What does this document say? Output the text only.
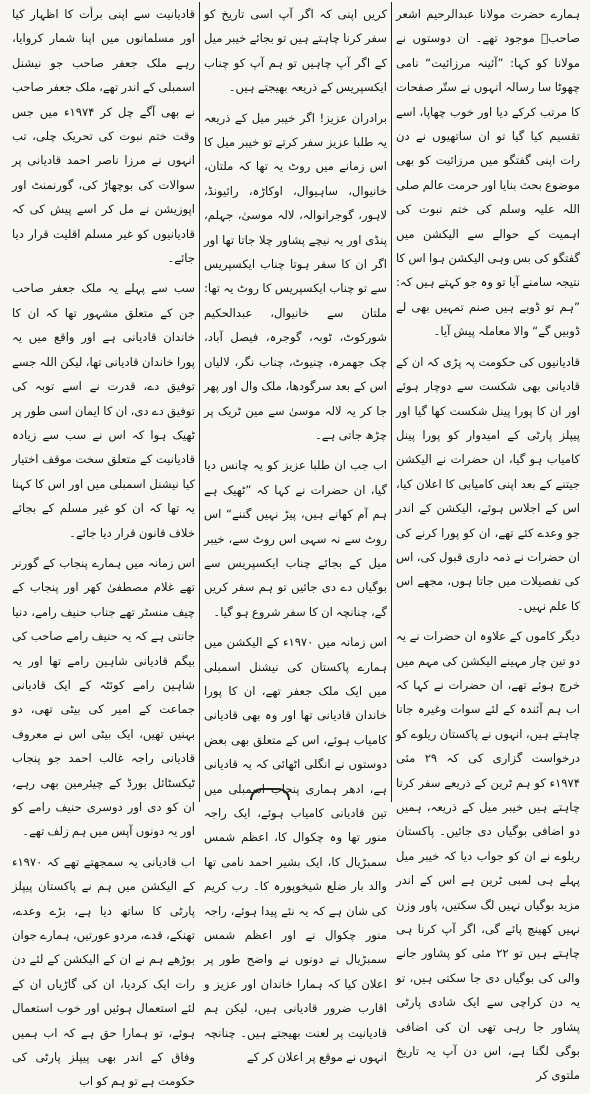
ہمارے حضرت مولانا عبدالرحیم اشعر صاحبؒ موجود تھے۔ ان دوستوں نے مولانا کو کہا: ”آئینہ مرزائیت“ نامی چھوٹا سا رسالہ انہوں نے ستّر صفحات کا مرتب کرکے دیا اور خوب چھاپا، اسے تقسیم کیا گیا تو ان ساتھیوں نے دن رات اپنی گفتگو میں مرزائیت کو بھی موضوع بحث بنایا اور حرمت عالم صلی اللہ علیہ وسلم کی ختم نبوت کی اہمیت کے حوالے سے الیکشن میں گفتگو کی بس وہی الیکشن ہوا اس کا نتیجہ سامنے آیا تو وہ جو کہتے ہیں کہ: ”ہم تو ڈوبے ہیں صنم تمہیں بھی لے ڈوبیں گے“ والا معاملہ پیش آیا۔

قادیانیوں کی حکومت پہ پڑی کہ ان کے قادیانی بھی شکست سے دوچار ہوئے اور ان کا پورا پینل شکست کھا گیا اور پیپلز پارٹی کے امیدوار کو پورا پینل کامیاب ہو گیا، ان حضرات نے الیکشن جیتنے کے بعد اپنی کامیابی کا اعلان کیا، اس کے اجلاس ہوئے، الیکشن کے اندر جو وعدے کئے تھے، ان کو پورا کرنے کی ان حضرات نے ذمہ داری قبول کی، اس کی تفصیلات میں جاتا ہوں، مجھے اس کا علم نہیں۔

دیگر کاموں کے علاوہ ان حضرات نے یہ دو تین چار مہینے الیکشن کی مہم میں خرچ ہوئے تھے، ان حضرات نے کہا کہ اب ہم آئندہ کے لئے سوات وغیرہ جانا چاہتے ہیں، انہوں نے پاکستان ریلوے کو درخواست گزاری کی کہ ۲۹ مئی ۱۹۷۴ء کو ہم ٹرین کے ذریعے سفر کرنا چاہتے ہیں خیبر میل کے ذریعہ، ہمیں دو اضافی بوگیاں دی جائیں۔ پاکستان ریلوے نے ان کو جواب دیا کہ خیبر میل پہلے ہی لمبی ٹرین ہے اس کے اندر مزید بوگیاں نہیں لگ سکتیں، پاور وزن نہیں کھینچ پائے گی، اگر آپ کرنا ہی چاہتے ہیں تو ۲۲ مئی کو پشاور جانے والی کی بوگیاں دی جا سکتی ہیں، تو یہ دن کراچی سے ایک شادی پارٹی پشاور جا رہی تھی ان کی اضافی بوگی لگنا ہے، اس دن آپ یہ تاریخ ملتوی کر

کریں اپنی کہ اگر آپ اسی تاریخ کو سفر کرنا چاہتے ہیں تو بجائے خیبر میل کے اگر آپ چاہیں تو ہم آپ کو چناب ایکسپریس کے ذریعہ بھیجتے ہیں۔

برادران عزیز! اگر خیبر میل کے ذریعہ یہ طلبا عزیز سفر کرتے تو خیبر میل کا اس زمانے میں روٹ یہ تھا کہ ملتان، خانیوال، ساہیوال، اوکاڑہ، رائیونڈ، لاہور، گوجرانوالہ، لالہ موسیٰ، جہلم، پنڈی اور یہ نیچے پشاور چلا جاتا تھا اور اگر ان کا سفر ہوتا چناب ایکسپریس سے تو چناب ایکسپریس کا روٹ یہ تھا: ملتان سے خانیوال، عبدالحکیم شورکوٹ، ٹوبہ، گوجرہ، فیصل آباد، چک جھمرہ، چنیوٹ، چناب نگر، لالیاں اس کے بعد سرگودھا، ملک وال اور پھر جا کر یہ لالہ موسیٰ سے مین ٹریک پر چڑھ جاتی ہے۔

اب جب ان طلبا عزیز کو یہ چانس دیا گیا، ان حضرات نے کہا کہ ”ٹھیک ہے ہم آم کھانے ہیں، پیڑ نہیں گننے“ اس روٹ سے نہ سہی اس روٹ سے، خیبر میل کے بجائے چناب ایکسپریس سے بوگیاں دے دی جائیں تو ہم سفر کریں گے، چنانچہ ان کا سفر شروع ہو گیا۔

اس زمانہ میں ۱۹۷۰ء کے الیکشن میں ہمارے پاکستان کی نیشنل اسمبلی میں ایک ملک جعفر تھے، ان کا پورا خاندان قادیانی تھا اور وہ بھی قادیانی کامیاب ہوئے، اس کے متعلق بھی بعض دوستوں نے انگلی اٹھائی کہ یہ قادیانی ہے، ادھر ہماری پنجاب اسمبلی میں تین قادیانی کامیاب ہوئے، ایک راجہ منور تھا وہ چکوال کا، اعظم شمس سمبڑیال کا، ایک بشیر احمد نامی تھا والد بار ضلع شیخوپورہ کا۔ رب کریم کی شان ہے کہ یہ نئے پیدا ہوئے، راجہ منور چکوال نے اور اعظم شمس سمبڑیال نے دونوں نے واضح طور پر اعلان کیا کہ ہمارا خاندان اور عزیز و اقارب ضرور قادیانی ہیں، لیکن ہم قادیانیت پر لعنت بھیجتے ہیں۔ چنانچہ انہوں نے موقع پر اعلان کر کے

قادیانیت سے اپنی برأت کا اظہار کیا اور مسلمانوں میں اپنا شمار کروایا، رہے ملک جعفر صاحب جو نیشنل اسمبلی کے اندر تھے، ملک جعفر صاحب نے بھی آگے چل کر ۱۹۷۴ء میں جس وقت ختم نبوت کی تحریک چلی، تب انہوں نے مرزا ناصر احمد قادیانی پر سوالات کی بوچھاڑ کی، گورنمنٹ اور اپوزیشن نے مل کر اسے پیش کی کہ قادیانیوں کو غیر مسلم اقلیت قرار دیا جائے۔

سب سے پہلے یہ ملک جعفر صاحب جن کے متعلق مشہور تھا کہ ان کا خاندان قادیانی ہے اور واقع میں یہ پورا خاندان قادیانی تھا، لیکن اللہ جسے توفیق دے، قدرت نے اسے توبہ کی توفیق دے دی، ان کا ایمان اسی طور پر ٹھیک ہوا کہ اس نے سب سے زیادہ قادیانیت کے متعلق سخت موقف اختیار کیا نیشنل اسمبلی میں اور اس کا کہنا یہ تھا کہ ان کو غیر مسلم کے بجائے خلاف قانون قرار دیا جائے۔

اس زمانہ میں ہمارے پنجاب کے گورنر تھے غلام مصطفیٰ کھر اور پنجاب کے چیف منسٹر تھے جناب حنیف رامے، دنیا جانتی ہے کہ یہ حنیف رامے صاحب کی بیگم قادیانی شاہین رامے تھا اور یہ شاہین رامے کوئٹہ کے ایک قادیانی جماعت کے امیر کی بیٹی تھی، دو بہنیں تھیں، ایک بیٹی اس نے معروف قادیانی راجہ غالب احمد جو پنجاب ٹیکسٹائل بورڈ کے چیئرمین بھی رہے، ان کو دی اور دوسری حنیف رامے کو اور یہ دونوں آپس میں ہم زلف تھے۔

اب قادیانی یہ سمجھتے تھے کہ ۱۹۷۰ء کے الیکشن میں ہم نے پاکستان پیپلز پارٹی کا ساتھ دیا ہے، بڑے وعدے، تھنکے، قدے، مردو عورتیں، ہمارے جوان بوڑھے ہم نے ان کے الیکشن کے لئے دن رات ایک کردیا، ان کی گاڑیاں ان کے لئے استعمال ہوئیں اور خوب استعمال ہوئے، تو ہمارا حق ہے کہ اب ہمیں وفاق کے اندر بھی پیپلز پارٹی کی حکومت ہے تو ہم کو اب
